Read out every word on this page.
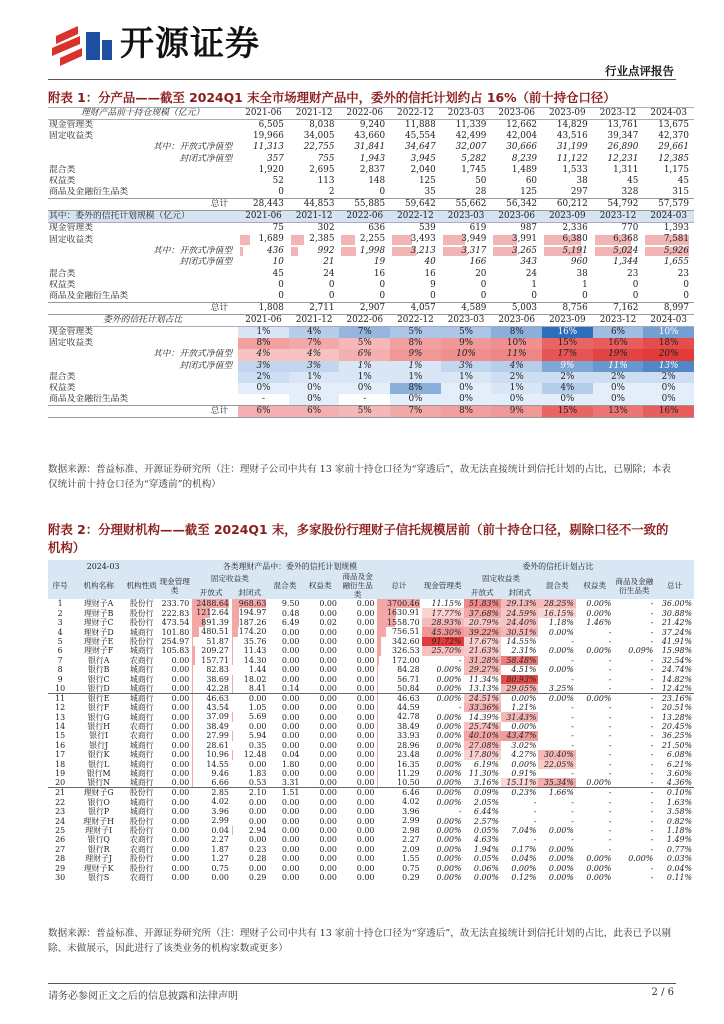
开源证券
行业点评报告
附表 1：分产品——截至 2024Q1 末全市场理财产品中，委外的信托计划约占 16%（前十持仓口径）
理财产品前十持仓规模（亿元）	2021-06	2021-12	2022-06	2022-12	2023-03	2023-06	2023-09	2023-12	2024-03
现金管理类	6,505	8,038	9,240	11,888	11,339	12,662	14,829	13,761	13,675
固定收益类	19,966	34,005	43,660	45,554	42,499	42,004	43,516	39,347	42,370
其中：开放式净值型	11,313	22,755	31,841	34,647	32,007	30,666	31,199	26,890	29,661
封闭式净值型	357	755	1,943	3,945	5,282	8,239	11,122	12,231	12,385
混合类	1,920	2,695	2,837	2,040	1,745	1,489	1,533	1,311	1,175
权益类	52	113	148	125	50	60	38	45	45
商品及金融衍生品类	0	2	0	35	28	125	297	328	315
总计	28,443	44,853	55,885	59,642	55,662	56,342	60,212	54,792	57,579
其中：委外的信托计划规模（亿元）	2021-06	2021-12	2022-06	2022-12	2023-03	2023-06	2023-09	2023-12	2024-03
现金管理类	75	302	636	539	619	987	2,336	770	1,393
固定收益类	1,689	2,385	2,255	3,493	3,949	3,991	6,380	6,368	7,581

其中：开放式净值型	436	992	1,998	3,213	3,317	3,265	5,191	5,024	5,926

封闭式净值型	10	21	19	40	166	343	960	1,344	1,655
混合类	45	24	16	16	20	24	38	23	23
权益类	0	0	0	9	0	1	1	0	0
商品及金融衍生品类	0	0	0	0	0	0	0	0	0
总计	1,808	2,711	2,907	4,057	4,589	5,003	8,756	7,162	8,997
委外的信托计划占比	2021-06	2021-12	2022-06	2022-12	2023-03	2023-06	2023-09	2023-12	2024-03
现金管理类	1%	4%	7%	5%	5%	8%	16%	6%	10%
固定收益类	8%	7%	5%	8%	9%	10%	15%	16%	18%
其中：开放式净值型	4%	4%	6%	9%	10%	11%	17%	19%	20%
封闭式净值型	3%	3%	1%	1%	3%	4%	9%	11%	13%
混合类	2%	1%	1%	1%	1%	2%	2%	2%	2%
权益类	0%	0%	0%	8%	0%	1%	4%	0%	0%
商品及金融衍生品类	-	0%	-	0%	0%	0%	0%	0%	0%
总计	6%	6%	5%	7%	8%	9%	15%	13%	16%
数据来源：普益标准、开源证券研究所（注：理财子公司中共有 13 家前十持仓口径为“穿透后”，故无法直接统计到信托计划的占比，已剔除；本表仅统计前十持仓口径为“穿透前”的机构）
附表 2：分理财机构——截至 2024Q1 末，多家股份行理财子信托规模居前（前十持仓口径，剔除口径不一致的机构）
2024-03			各类理财产品中：委外的信托计划规模							委外的信托计划占比						
序号	机构名称	机构性质	现金管理类	固定收益类		混合类	权益类	商品及金融衍生品类	总计	现金管理类	固定收益类		混合类	权益类	商品及金融衍生品类	总计
				开放式	封闭式						开放式	封闭式				
1	理财子A	股份行	233.70	2488.64	968.63	9.50	0.00	0.00	3700.46	11.15%	51.83%	29.13%	28.25%	0.00%	-	36.00%
2	理财子B	股份行	222.83	1212.64	194.97	0.48	0.00	0.00	1630.91	17.77%	37.68%	24.59%	16.15%	0.00%	-	30.88%
3	理财子C	股份行	473.54	891.39	187.26	6.49	0.02	0.00	1558.70	28.93%	20.79%	24.40%	1.18%	1.46%	-	21.42%
4	理财子D	城商行	101.80	480.51	174.20	0.00	0.00	0.00	756.51	45.30%	39.22%	30.51%	0.00%	-	-	37.24%
5	理财子E	股份行	254.97	51.87	35.76	0.00	0.00	0.00	342.60	91.72%	17.67%	14.55%	-	-	-	41.91%
6	理财子F	城商行	105.83	209.27	11.43	0.00	0.00	0.00	326.53	25.70%	21.63%	2.31%	0.00%	0.00%	0.09%	15.98%
7	银行A	农商行	0.00	157.71	14.30	0.00	0.00	0.00	172.00	-	31.28%	58.48%	-	-	-	32.54%
8	银行B	城商行	0.00	82.83	1.44	0.00	0.00	0.00	84.28	0.00%	29.27%	4.51%	0.00%	-	-	24.74%
9	银行C	城商行	0.00	38.69	18.02	0.00	0.00	0.00	56.71	0.00%	11.34%	80.93%	-	-	-	14.82%
10	银行D	城商行	0.00	42.28	8.41	0.14	0.00	0.00	50.84	0.00%	13.13%	29.05%	3.25%	-	-	12.42%
11	银行E	城商行	0.00	46.63	0.00	0.00	0.00	0.00	46.63	0.00%	24.51%	0.00%	0.00%	0.00%	-	23.16%
12	银行F	城商行	0.00	43.54	1.05	0.00	0.00	0.00	44.59	-	33.36%	1.21%	-	-	-	20.51%
13	银行G	城商行	0.00	37.09	5.69	0.00	0.00	0.00	42.78	0.00%	14.39%	31.43%	-	-	-	13.28%
14	银行H	农商行	0.00	38.49	0.00	0.00	0.00	0.00	38.49	0.00%	25.74%	0.00%	-	-	-	20.45%
15	银行I	农商行	0.00	27.99	5.94	0.00	0.00	0.00	33.93	0.00%	40.10%	43.47%	-	-	-	36.25%
16	银行J	城商行	0.00	28.61	0.35	0.00	0.00	0.00	28.96	0.00%	27.08%	3.02%	-	-	-	21.50%
17	银行K	城商行	0.00	10.96	12.48	0.04	0.00	0.00	23.48	0.00%	17.80%	4.27%	30.40%	-	-	6.08%
18	银行L	城商行	0.00	14.55	0.00	1.80	0.00	0.00	16.35	0.00%	6.19%	0.00%	22.05%	-	-	6.21%
19	银行M	城商行	0.00	9.46	1.83	0.00	0.00	0.00	11.29	0.00%	11.30%	0.91%	-	-	-	3.60%
20	银行N	城商行	0.00	6.66	0.53	3.31	0.00	0.00	10.50	0.00%	3.16%	15.11%	35.34%	0.00%	-	4.36%
21	理财子G	股份行	0.00	2.85	2.10	1.51	0.00	0.00	6.46	0.00%	0.09%	0.23%	1.66%	-	-	0.10%
22	银行O	城商行	0.00	4.02	0.00	0.00	0.00	0.00	4.02	0.00%	2.05%	-	-	-	-	1.63%
23	银行P	城商行	0.00	3.96	0.00	0.00	0.00	0.00	3.96	-	6.44%	-	-	-	-	3.58%
24	理财子H	股份行	0.00	2.99	0.00	0.00	0.00	0.00	2.99	0.00%	2.57%	-	-	-	-	0.82%
25	理财子I	股份行	0.00	0.04	2.94	0.00	0.00	0.00	2.98	0.00%	0.05%	7.04%	0.00%	-	-	1.18%
26	银行Q	农商行	0.00	2.27	0.00	0.00	0.00	0.00	2.27	0.00%	4.63%	-	-	-	-	1.49%
27	银行R	农商行	0.00	1.87	0.23	0.00	0.00	0.00	2.09	0.00%	1.94%	0.17%	0.00%	-	-	0.77%
28	理财子J	股份行	0.00	1.27	0.28	0.00	0.00	0.00	1.55	0.00%	0.05%	0.04%	0.00%	0.00%	0.00%	0.03%
29	理财子K	股份行	0.00	0.75	0.00	0.00	0.00	0.00	0.75	0.00%	0.06%	0.00%	0.00%	0.00%	-	0.04%
30	银行S	农商行	0.00	0.00	0.29	0.00	0.00	0.00	0.29	0.00%	0.00%	0.12%	0.00%	0.00%	-	0.11%
数据来源：普益标准、开源证券研究所（注：理财子公司中共有 13 家前十持仓口径为“穿透后”，故无法直接统计到信托计划的占比，此表已予以剔除、未做展示，因此进行了该类业务的机构家数或更多）
请务必参阅正文之后的信息披露和法律声明	2 / 6
